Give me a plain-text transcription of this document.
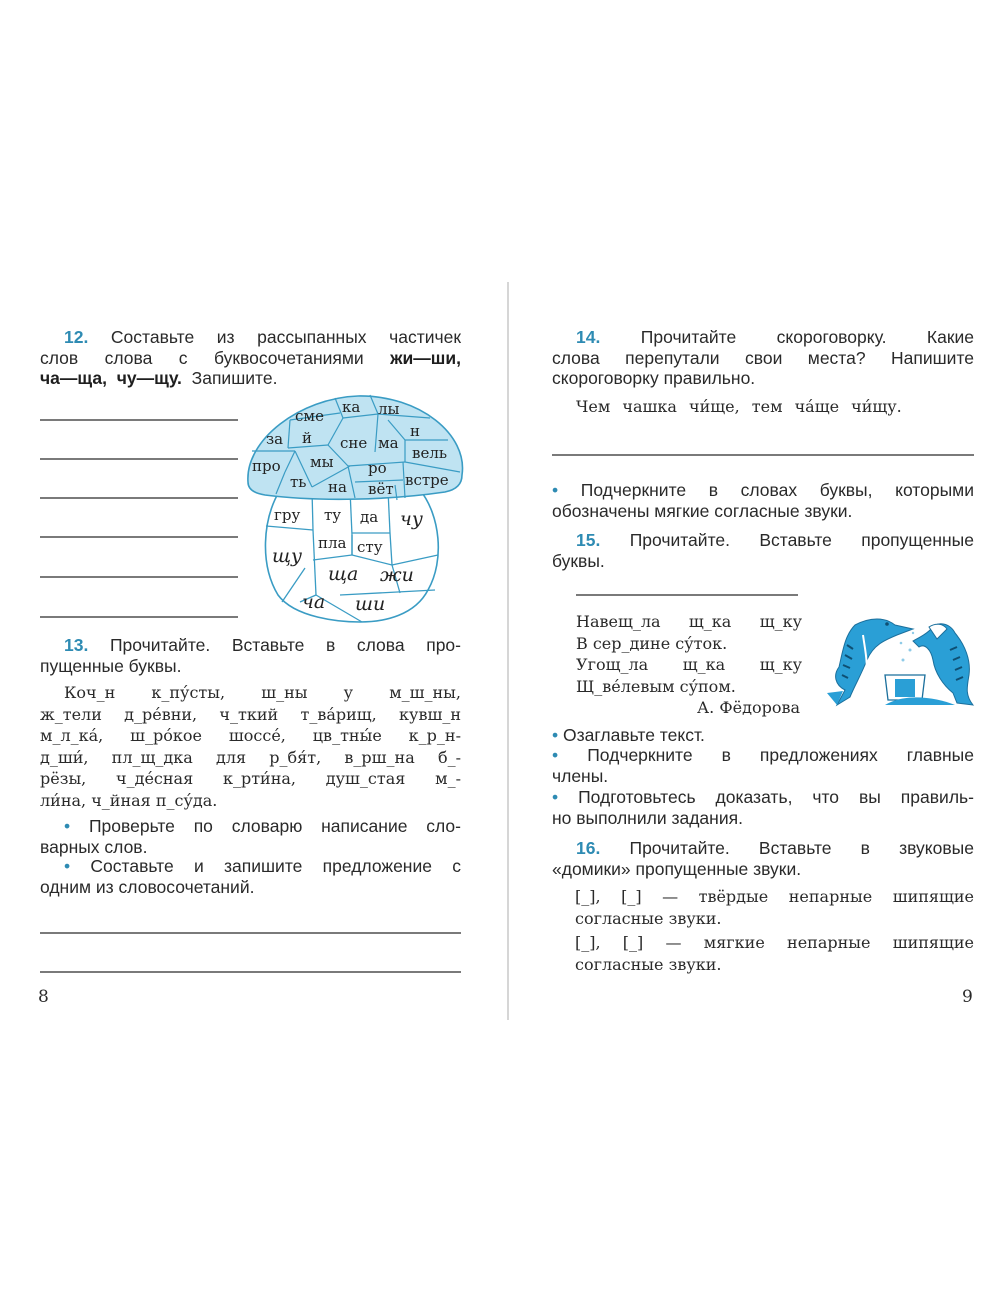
12. Составьте из рассыпанных частичек
слов слова с буквосочетаниями жи—ши,
ча—ща, чу—щу. Запишите.
сме ка лы
за й сне ма
н
вель
про мы ро
ть на вёт встре
гру ту да
пла сту
чу
щу
ща жи
ча ши
13. Прочитайте. Вставьте в слова про-
пущенные буквы.
Коч_н к_пу́сты, ш_ны у м_ш_ны,
ж_тели д_ре́вни, ч_ткий т_ва́рищ, кувш_н
м_л_ка́, ш_ро́кое шоссе́, цв_тны́е к_р_н-
д_ши́, пл_щ_дка для р_бя́т, в_рш_на б_-
рёзы, ч_де́сная к_рти́на, душ_стая м_-
ли́на, ч_йная п_су́да.
• Проверьте по словарю написание сло-
варных слов.
• Составьте и запишите предложение с
одним из словосочетаний.
8
14. Прочитайте скороговорку. Какие
слова перепутали свои места? Напишите
скороговорку правильно.
Чем чашка чи́ще, тем ча́ще чи́щу.
• Подчеркните в словах буквы, которыми
обозначены мягкие согласные звуки.
15. Прочитайте. Вставьте пропущенные
буквы.
Навещ_ла щ_ка щ_ку
В сер_дине су́ток.
Угощ_ла щ_ка щ_ку
Щ_ве́левым су́пом.
А. Фёдорова
• Озаглавьте текст.
• Подчеркните в предложениях главные
члены.
• Подготовьтесь доказать, что вы правиль-
но выполнили задания.
16. Прочитайте. Вставьте в звуковые
«домики» пропущенные звуки.
[_], [_] — твёрдые непарные шипящие
согласные звуки.
[_], [_] — мягкие непарные шипящие
согласные звуки.
9
